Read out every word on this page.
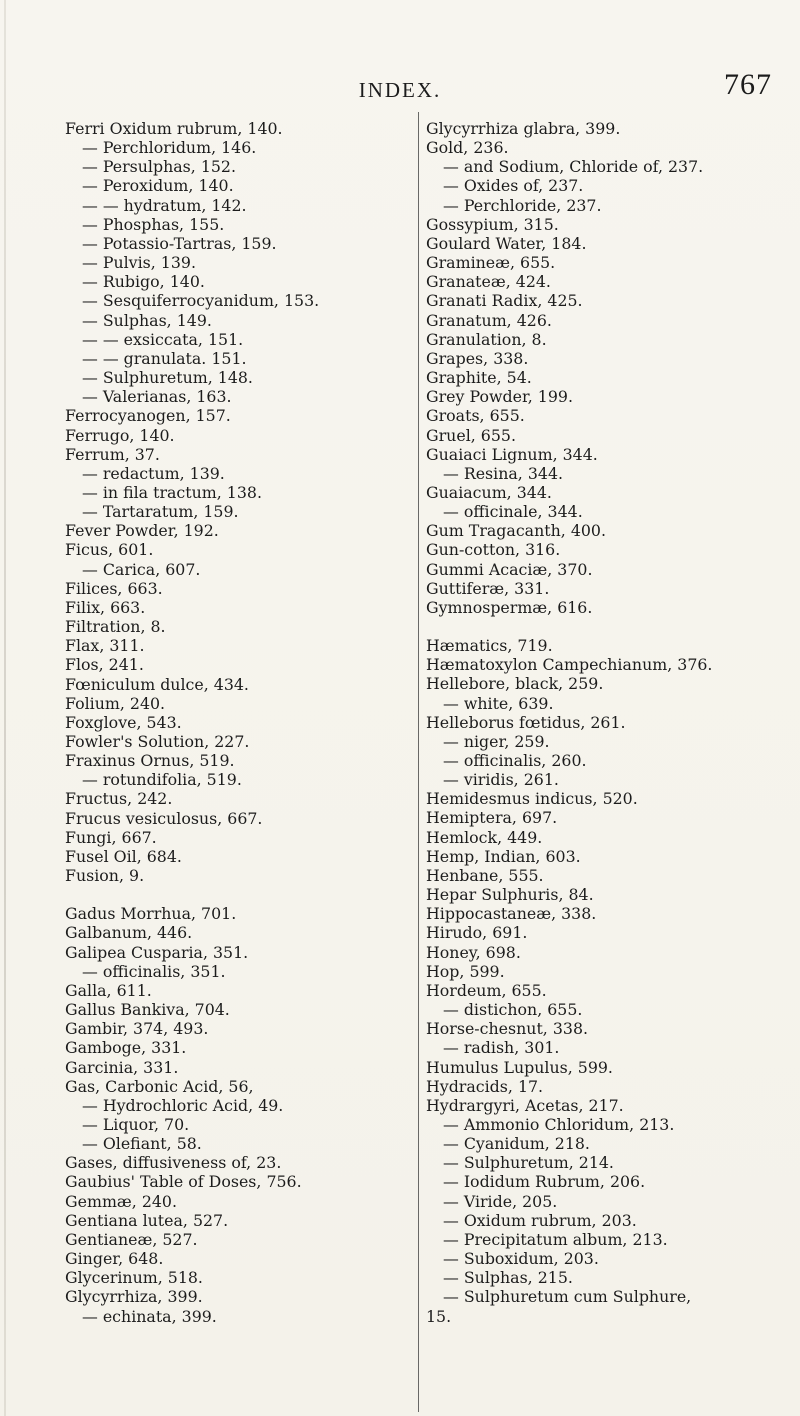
INDEX.	767
Ferri Oxidum rubrum, 140.
— Perchloridum, 146.
— Persulphas, 152.
— Peroxidum, 140.
— — hydratum, 142.
— Phosphas, 155.
— Potassio-Tartras, 159.
— Pulvis, 139.
— Rubigo, 140.
— Sesquiferrocyanidum, 153.
— Sulphas, 149.
— — exsiccata, 151.
— — granulata. 151.
— Sulphuretum, 148.
— Valerianas, 163.
Ferrocyanogen, 157.
Ferrugo, 140.
Ferrum, 37.
— redactum, 139.
— in fila tractum, 138.
— Tartaratum, 159.
Fever Powder, 192.
Ficus, 601.
— Carica, 607.
Filices, 663.
Filix, 663.
Filtration, 8.
Flax, 311.
Flos, 241.
Fœniculum dulce, 434.
Folium, 240.
Foxglove, 543.
Fowler's Solution, 227.
Fraxinus Ornus, 519.
— rotundifolia, 519.
Fructus, 242.
Frucus vesiculosus, 667.
Fungi, 667.
Fusel Oil, 684.
Fusion, 9.
Gadus Morrhua, 701.
Galbanum, 446.
Galipea Cusparia, 351.
— officinalis, 351.
Galla, 611.
Gallus Bankiva, 704.
Gambir, 374, 493.
Gamboge, 331.
Garcinia, 331.
Gas, Carbonic Acid, 56,
— Hydrochloric Acid, 49.
— Liquor, 70.
— Olefiant, 58.
Gases, diffusiveness of, 23.
Gaubius' Table of Doses, 756.
Gemmæ, 240.
Gentiana lutea, 527.
Gentianeæ, 527.
Ginger, 648.
Glycerinum, 518.
Glycyrrhiza, 399.
— echinata, 399.
Glycyrrhiza glabra, 399.
Gold, 236.
— and Sodium, Chloride of, 237.
— Oxides of, 237.
— Perchloride, 237.
Gossypium, 315.
Goulard Water, 184.
Gramineæ, 655.
Granateæ, 424.
Granati Radix, 425.
Granatum, 426.
Granulation, 8.
Grapes, 338.
Graphite, 54.
Grey Powder, 199.
Groats, 655.
Gruel, 655.
Guaiaci Lignum, 344.
— Resina, 344.
Guaiacum, 344.
— officinale, 344.
Gum Tragacanth, 400.
Gun-cotton, 316.
Gummi Acaciæ, 370.
Guttiferæ, 331.
Gymnospermæ, 616.
Hæmatics, 719.
Hæmatoxylon Campechianum, 376.
Hellebore, black, 259.
— white, 639.
Helleborus fœtidus, 261.
— niger, 259.
— officinalis, 260.
— viridis, 261.
Hemidesmus indicus, 520.
Hemiptera, 697.
Hemlock, 449.
Hemp, Indian, 603.
Henbane, 555.
Hepar Sulphuris, 84.
Hippocastaneæ, 338.
Hirudo, 691.
Honey, 698.
Hop, 599.
Hordeum, 655.
— distichon, 655.
Horse-chesnut, 338.
— radish, 301.
Humulus Lupulus, 599.
Hydracids, 17.
Hydrargyri, Acetas, 217.
— Ammonio Chloridum, 213.
— Cyanidum, 218.
— Sulphuretum, 214.
— Iodidum Rubrum, 206.
— Viride, 205.
— Oxidum rubrum, 203.
— Precipitatum album, 213.
— Suboxidum, 203.
— Sulphas, 215.
— Sulphuretum cum Sulphure,
15.
